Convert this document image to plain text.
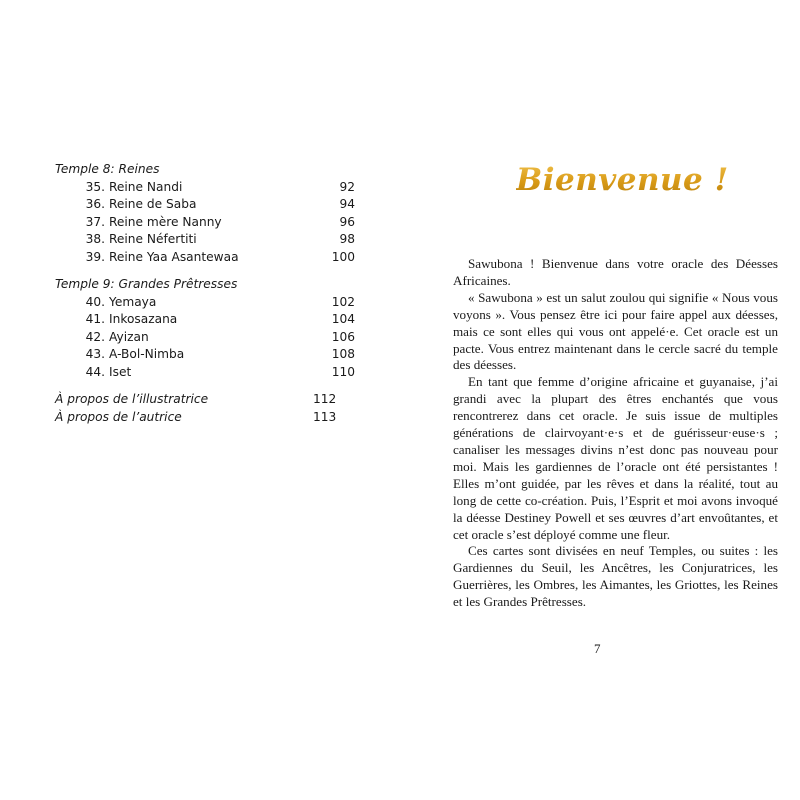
Temple 8: Reines
35. Reine Nandi	92
36. Reine de Saba	94
37. Reine mère Nanny	96
38. Reine Néfertiti	98
39. Reine Yaa Asantewaa	100
Temple 9: Grandes Prêtresses
40. Yemaya	102
41. Inkosazana	104
42. Ayizan	106
43. A-Bol-Nimba	108
44. Iset	110
À propos de l’illustratrice	112
À propos de l’autrice	113
Bienvenue !

Sawubona ! Bienvenue dans votre oracle des Déesses Africaines.

« Sawubona » est un salut zoulou qui signifie « Nous vous voyons ». Vous pensez être ici pour faire appel aux déesses, mais ce sont elles qui vous ont appelé·e. Cet oracle est un pacte. Vous entrez maintenant dans le cercle sacré du temple des déesses.

En tant que femme d’origine africaine et guyanaise, j’ai grandi avec la plupart des êtres enchantés que vous rencontrerez dans cet oracle. Je suis issue de multiples générations de clairvoyant·e·s et de guérisseur·euse·s ; canaliser les messages divins n’est donc pas nouveau pour moi. Mais les gardiennes de l’oracle ont été persistantes ! Elles m’ont guidée, par les rêves et dans la réalité, tout au long de cette co-création. Puis, l’Esprit et moi avons invoqué la déesse Destiney Powell et ses œuvres d’art envoûtantes, et cet oracle s’est déployé comme une fleur.

Ces cartes sont divisées en neuf Temples, ou suites : les Gardiennes du Seuil, les Ancêtres, les Conjuratrices, les Guerrières, les Ombres, les Aimantes, les Griottes, les Reines et les Grandes Prêtresses.

7
